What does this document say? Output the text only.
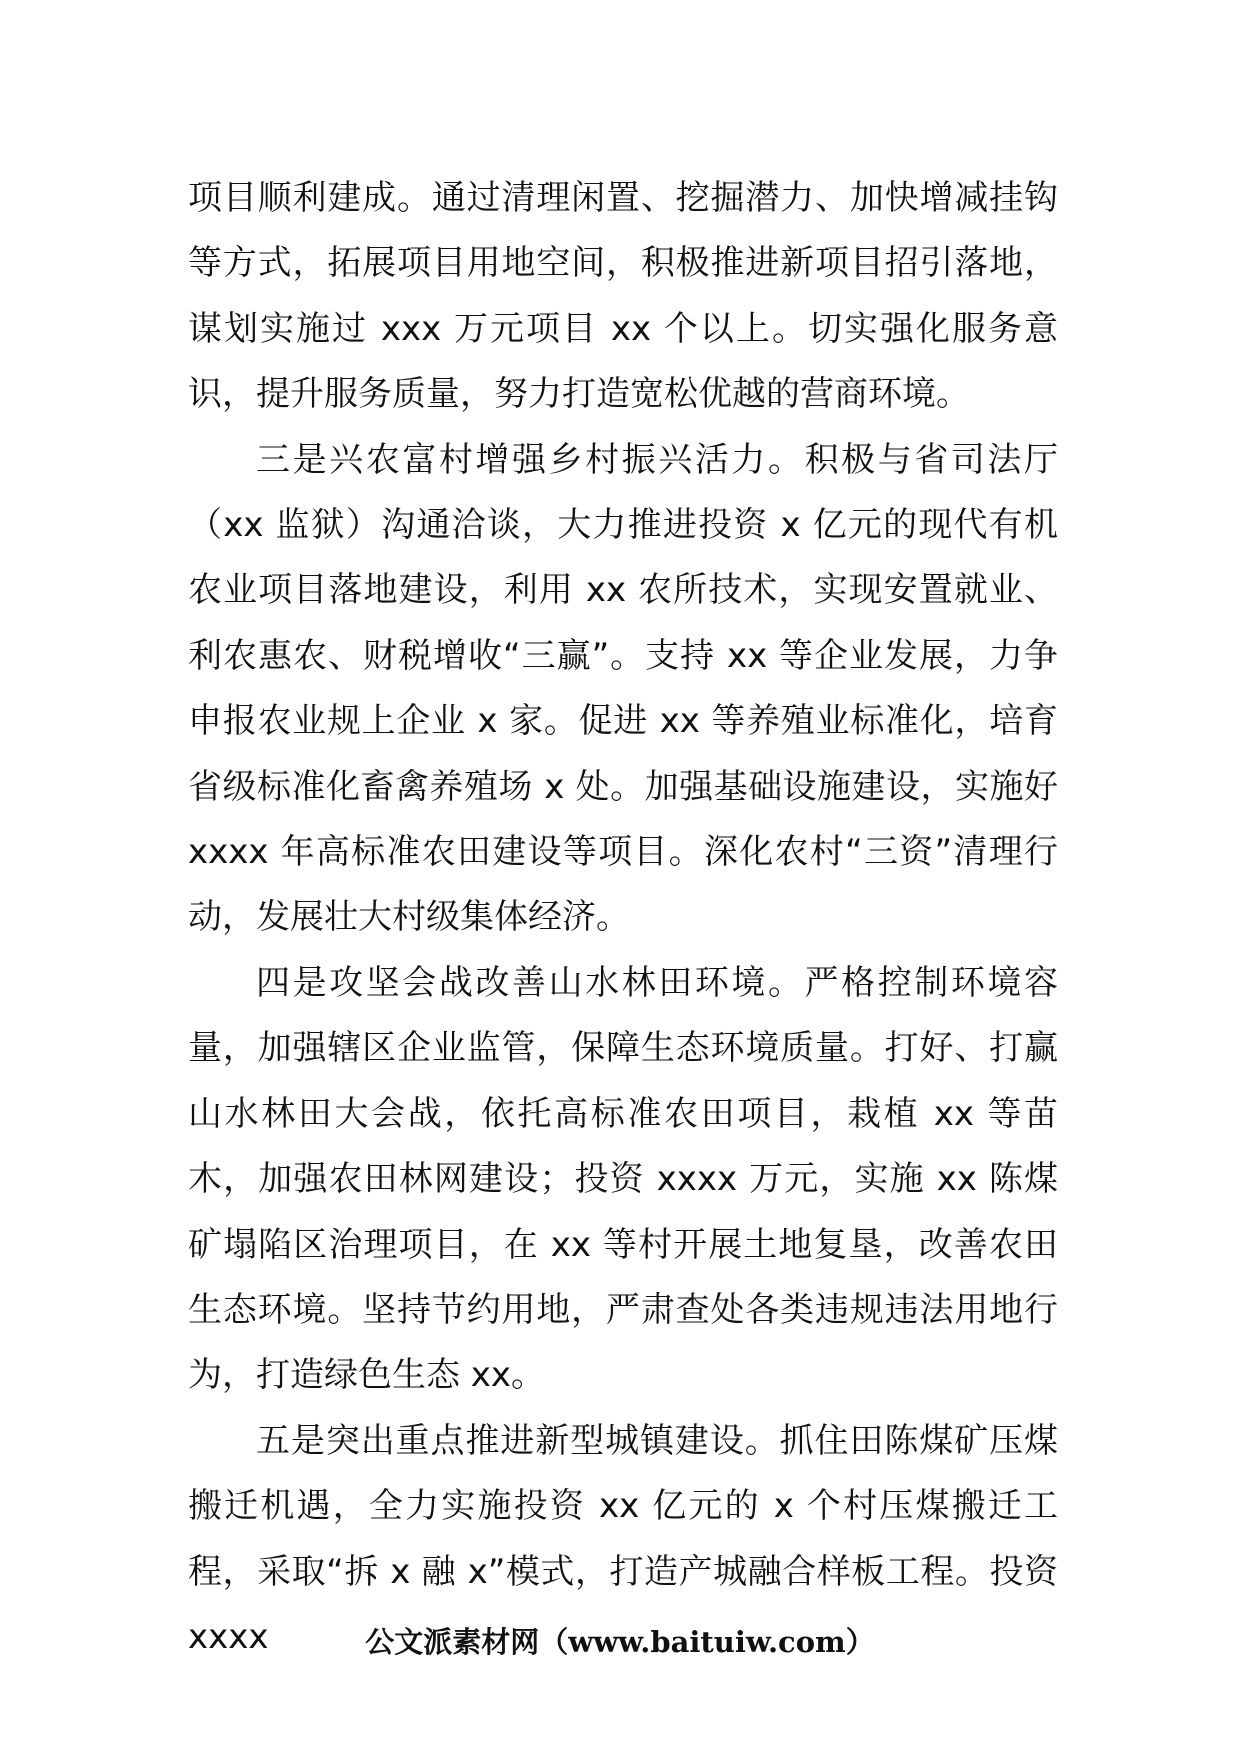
项目顺利建成。通过清理闲置、挖掘潜力、加快增减挂钩等方式，拓展项目用地空间，积极推进新项目招引落地，谋划实施过 xxx 万元项目 xx 个以上。切实强化服务意识，提升服务质量，努力打造宽松优越的营商环境。

三是兴农富村增强乡村振兴活力。积极与省司法厅（xx 监狱）沟通洽谈，大力推进投资 x 亿元的现代有机农业项目落地建设，利用 xx 农所技术，实现安置就业、利农惠农、财税增收“三赢”。支持 xx 等企业发展，力争申报农业规上企业 x 家。促进 xx 等养殖业标准化，培育省级标准化畜禽养殖场 x 处。加强基础设施建设，实施好 xxxx 年高标准农田建设等项目。深化农村“三资”清理行动，发展壮大村级集体经济。

四是攻坚会战改善山水林田环境。严格控制环境容量，加强辖区企业监管，保障生态环境质量。打好、打赢山水林田大会战，依托高标准农田项目，栽植 xx 等苗木，加强农田林网建设；投资 xxxx 万元，实施 xx 陈煤矿塌陷区治理项目，在 xx 等村开展土地复垦，改善农田生态环境。坚持节约用地，严肃查处各类违规违法用地行为，打造绿色生态 xx。

五是突出重点推进新型城镇建设。抓住田陈煤矿压煤搬迁机遇，全力实施投资 xx 亿元的 x 个村压煤搬迁工程，采取“拆 x 融 x”模式，打造产城融合样板工程。投资 xxxx	公文派素材网（www.baituiw.com）
